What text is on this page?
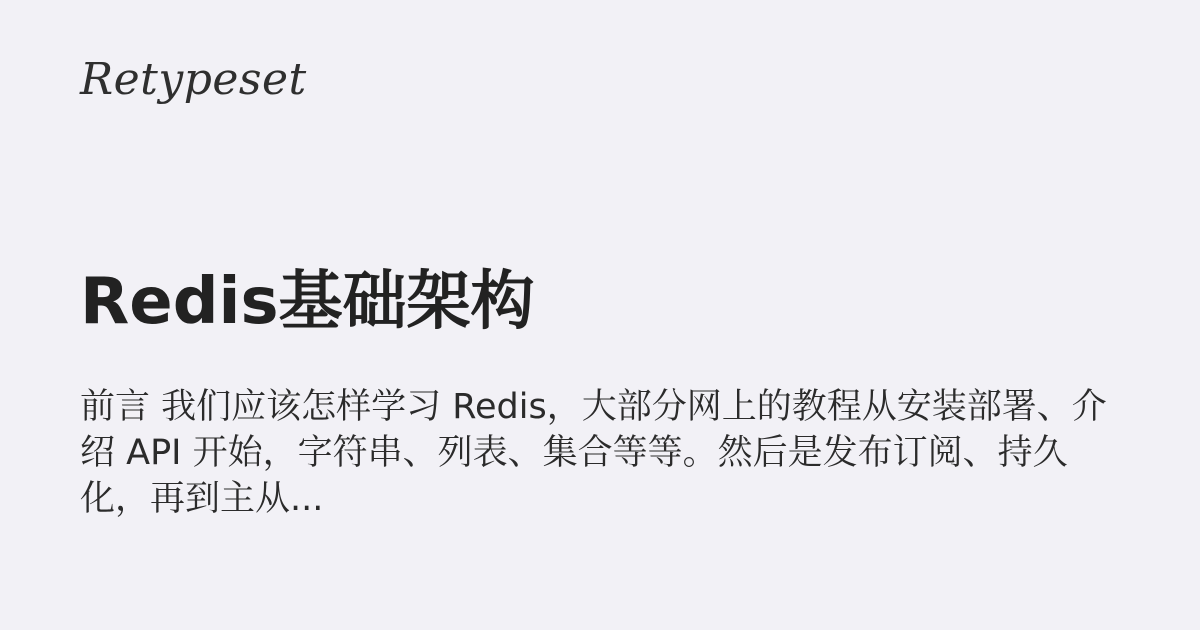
Retypeset
Redis基础架构
前言 我们应该怎样学习 Redis，大部分网上的教程从安装部署、介绍 API 开始，字符串、列表、集合等等。然后是发布订阅、持久化，再到主从...
